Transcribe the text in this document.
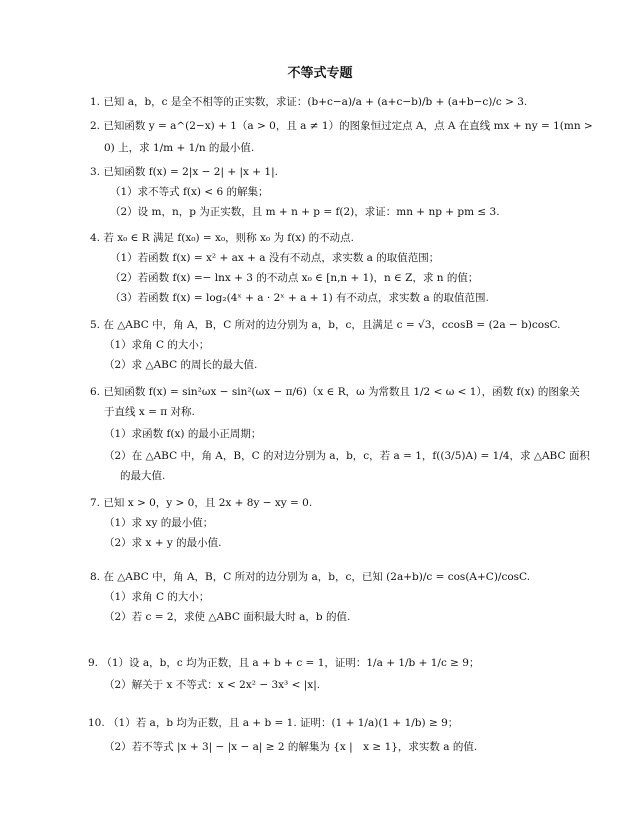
不等式专题
1. 已知 a，b，c 是全不相等的正实数，求证：(b+c−a)/a + (a+c−b)/b + (a+b−c)/c > 3.
2. 已知函数 y = a^(2−x) + 1（a > 0，且 a ≠ 1）的图象恒过定点 A，点 A 在直线 mx + ny = 1(mn >
0) 上，求 1/m + 1/n 的最小值.
3. 已知函数 f(x) = 2|x − 2| + |x + 1|.
（1）求不等式 f(x) < 6 的解集；
（2）设 m，n，p 为正实数，且 m + n + p = f(2)，求证：mn + np + pm ≤ 3.
4. 若 x₀ ∈ R 满足 f(x₀) = x₀，则称 x₀ 为 f(x) 的不动点.
（1）若函数 f(x) = x² + ax + a 没有不动点，求实数 a 的取值范围；
（2）若函数 f(x) =− lnx + 3 的不动点 x₀ ∈ [n,n + 1)，n ∈ Z，求 n 的值；
（3）若函数 f(x) = log₂(4ˣ + a · 2ˣ + a + 1) 有不动点，求实数 a 的取值范围.
5. 在 △ABC 中，角 A，B，C 所对的边分别为 a，b，c，且满足 c = √3，ccosB = (2a − b)cosC.
（1）求角 C 的大小；
（2）求 △ABC 的周长的最大值.
6. 已知函数 f(x) = sin²ωx − sin²(ωx − π/6)（x ∈ R，ω 为常数且 1/2 < ω < 1），函数 f(x) 的图象关
于直线 x = π 对称.
（1）求函数 f(x) 的最小正周期；
（2）在 △ABC 中，角 A，B，C 的对边分别为 a，b，c，若 a = 1，f((3/5)A) = 1/4，求 △ABC 面积
的最大值.
7. 已知 x > 0，y > 0，且 2x + 8y − xy = 0.
（1）求 xy 的最小值；
（2）求 x + y 的最小值.
8. 在 △ABC 中，角 A，B，C 所对的边分别为 a，b，c，已知 (2a+b)/c = cos(A+C)/cosC.
（1）求角 C 的大小；
（2）若 c = 2，求使 △ABC 面积最大时 a，b 的值.
9. （1）设 a，b，c 均为正数，且 a + b + c = 1，证明：1/a + 1/b + 1/c ≥ 9；
（2）解关于 x 不等式：x < 2x² − 3x³ < |x|.
10. （1）若 a，b 均为正数，且 a + b = 1. 证明：(1 + 1/a)(1 + 1/b) ≥ 9；
（2）若不等式 |x + 3| − |x − a| ≥ 2 的解集为 {x |　x ≥ 1}，求实数 a 的值.
